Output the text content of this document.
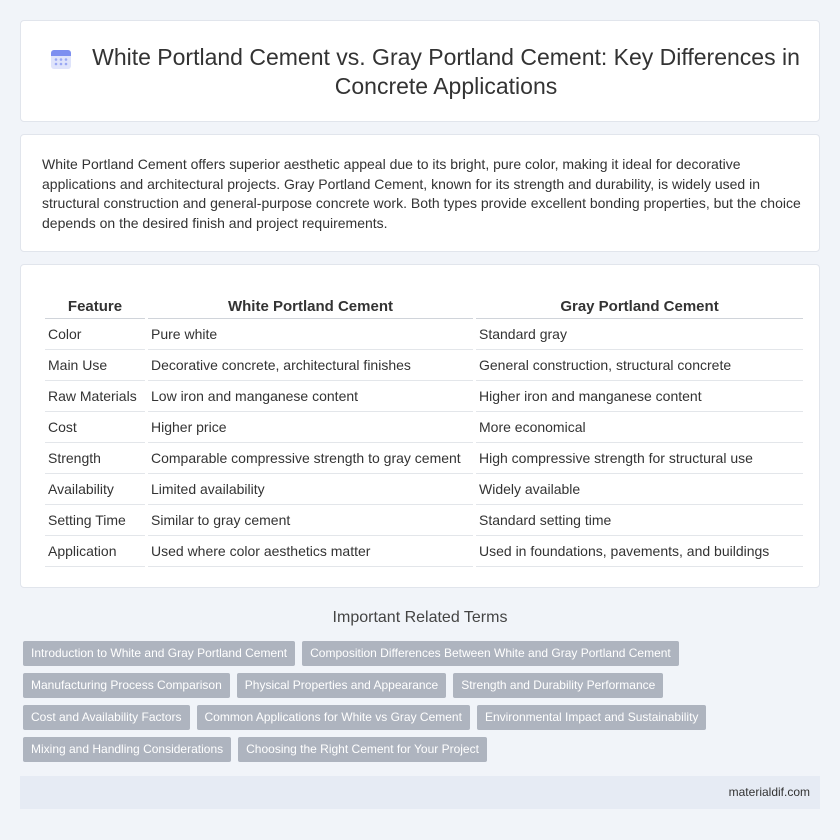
White Portland Cement vs. Gray Portland Cement: Key Differences in Concrete Applications

White Portland Cement offers superior aesthetic appeal due to its bright, pure color, making it ideal for decorative applications and architectural projects. Gray Portland Cement, known for its strength and durability, is widely used in structural construction and general-purpose concrete work. Both types provide excellent bonding properties, but the choice depends on the desired finish and project requirements.

Feature	White Portland Cement	Gray Portland Cement
Color	Pure white	Standard gray
Main Use	Decorative concrete, architectural finishes	General construction, structural concrete
Raw Materials	Low iron and manganese content	Higher iron and manganese content
Cost	Higher price	More economical
Strength	Comparable compressive strength to gray cement	High compressive strength for structural use
Availability	Limited availability	Widely available
Setting Time	Similar to gray cement	Standard setting time
Application	Used where color aesthetics matter	Used in foundations, pavements, and buildings
Important Related Terms
Introduction to White and Gray Portland Cement	Composition Differences Between White and Gray Portland Cement
Manufacturing Process Comparison	Physical Properties and Appearance	Strength and Durability Performance
Cost and Availability Factors	Common Applications for White vs Gray Cement	Environmental Impact and Sustainability
Mixing and Handling Considerations	Choosing the Right Cement for Your Project
materialdif.com
